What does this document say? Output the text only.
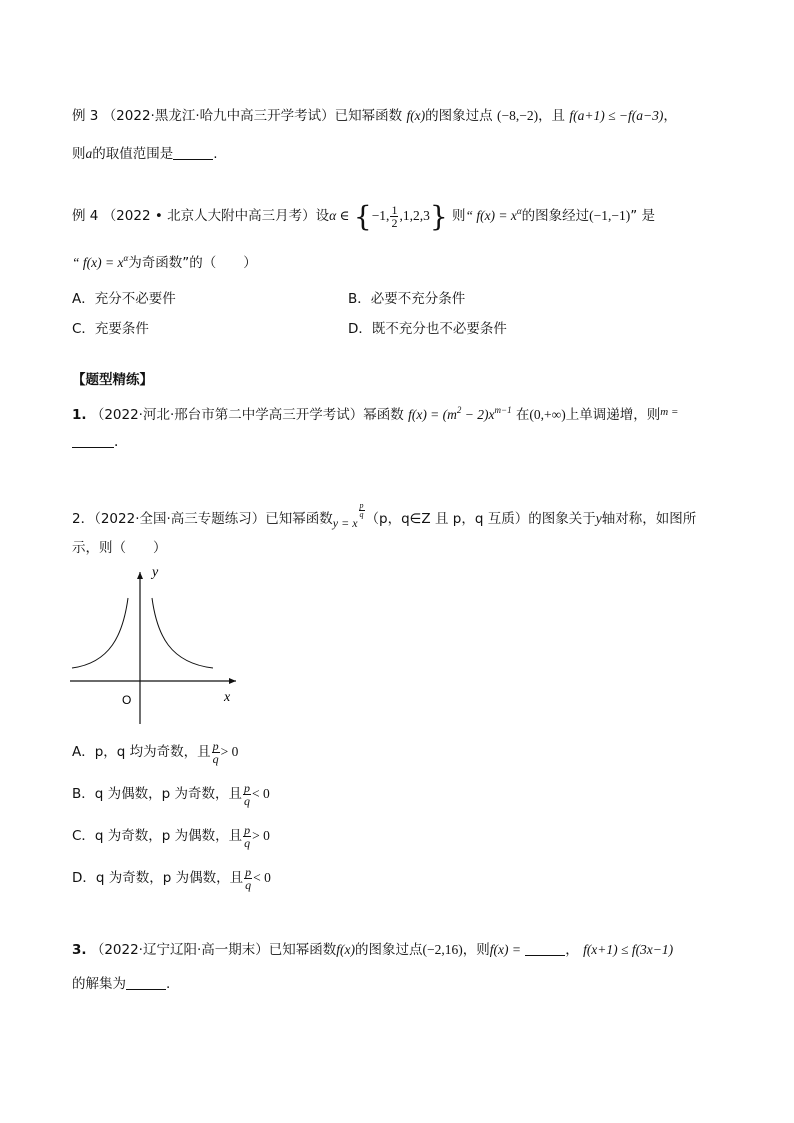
例 3 （2022·黑龙江·哈九中高三开学考试）已知幂函数 f(x)的图象过点 (−8,−2)，且 f(a+1) ≤ −f(a−3)，
则a的取值范围是	.
例 4 （2022 • 北京人大附中高三月考）设α ∈ {−1, $\frac{1}{2} ,1,2,3$} 则“ $f(x) = x^\alpha$的图象经过(−1,−1)” 是
“ $f(x) = x^\alpha$为奇函数”的（　　）
A．充分不必要件	B．必要不充分条件
C．充要条件	D．既不充分也不必要条件
【题型精练】
1. （2022·河北·邢台市第二中学高三开学考试）幂函数 $f(x) = (m^2 - 2)x^{m-1}$ 在(0,+∞)上单调递增，则$^{m =}$
.
2．（2022·全国·高三专题练习）已知幂函数y = x
$\frac{p}{q} (p$，q∈Z 且 p，q 互质）的图象关于y轴对称，如图所
示，则（　　）
y
x
O
A．p，q 均为奇数，且 $\frac{p}{q} > 0$
B．q 为偶数，p 为奇数，且 $\frac{p}{q} < 0$
C．q 为奇数，p 为偶数，且 $\frac{p}{q} > 0$
D．q 为奇数，p 为偶数，且 $\frac{p}{q} < 0$
3. （2022·辽宁辽阳·高一期末）已知幂函数f(x)的图象过点(−2,16)，则f(x) =	， f(x+1) ≤ f(3x−1)
的解集为	.
